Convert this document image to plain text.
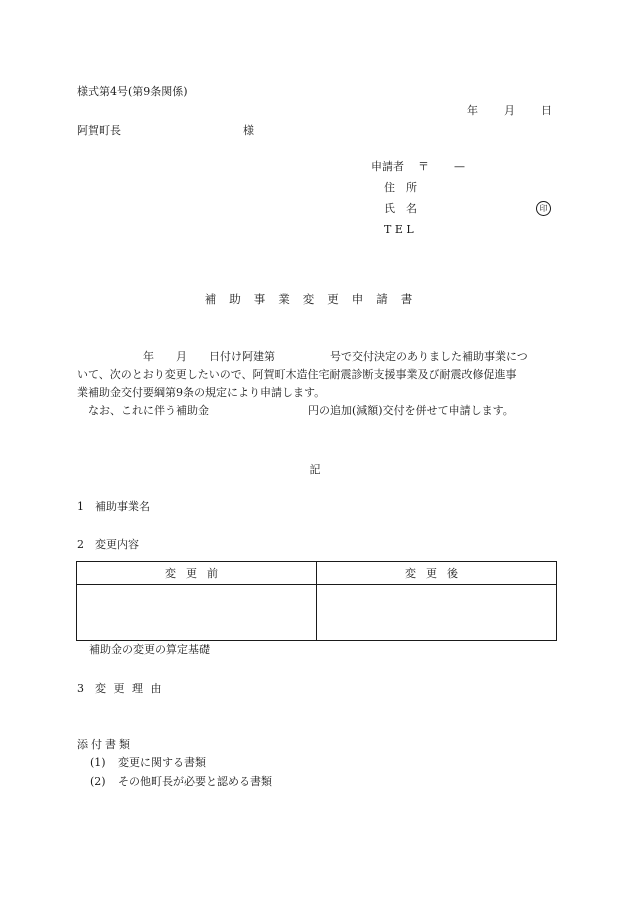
様式第4号(第9条関係)
年 月 日
阿賀町長	様
申請者 〒 —
住　所
氏　名	印
T E L
補助事業変更申請書

　　　　　　年　　月　　日付け阿建第　　　　　号で交付決定のありました補助事業につ

いて、次のとおり変更したいので、阿賀町木造住宅耐震診断支援事業及び耐震改修促進事

業補助金交付要綱第9条の規定により申請します。

　なお、これに伴う補助金　　　　　　　　　円の追加(減額)交付を併せて申請します。

記
1 補助事業名
2 変更内容
変更前	変更後

補助金の変更の算定基礎
3 変 更 理 由
添付書類
(1) 変更に関する書類
(2) その他町長が必要と認める書類
